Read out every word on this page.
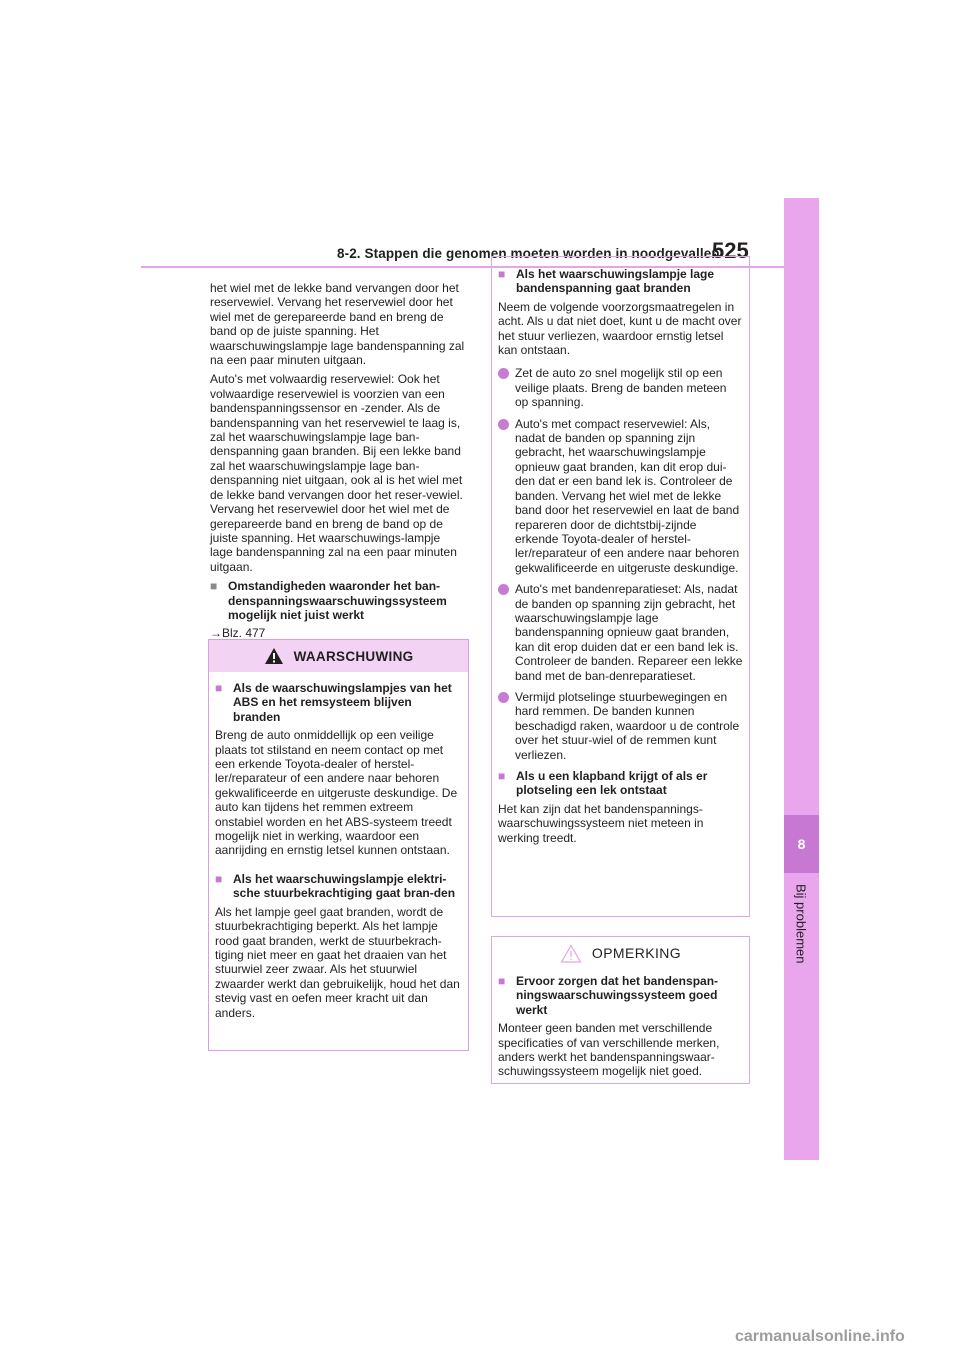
8-2. Stappen die genomen moeten worden in noodgevallen
525
8
Bij problemen

het wiel met de lekke band vervangen door het reservewiel. Vervang het reservewiel door het wiel met de gerepareerde band en breng de band op de juiste spanning. Het waarschuwingslampje lage bandenspanning zal na een paar minuten uitgaan.

Auto's met volwaardig reservewiel: Ook het volwaardige reservewiel is voorzien van een bandenspanningssensor en -zender. Als de bandenspanning van het reservewiel te laag is, zal het waarschuwingslampje lage ban-denspanning gaan branden. Bij een lekke band zal het waarschuwingslampje lage ban-denspanning niet uitgaan, ook al is het wiel met de lekke band vervangen door het reser-vewiel. Vervang het reservewiel door het wiel met de gerepareerde band en breng de band op de juiste spanning. Het waarschuwings-lampje lage bandenspanning zal na een paar minuten uitgaan.

■ Omstandigheden waaronder het ban-denspanningswaarschuwingssysteem mogelijk niet juist werkt

→Blz. 477

WAARSCHUWING
■ Als de waarschuwingslampjes van het ABS en het remsysteem blijven branden

Breng de auto onmiddellijk op een veilige plaats tot stilstand en neem contact op met een erkende Toyota-dealer of herstel-ler/reparateur of een andere naar behoren gekwalificeerde en uitgeruste deskundige. De auto kan tijdens het remmen extreem onstabiel worden en het ABS-systeem treedt mogelijk niet in werking, waardoor een aanrijding en ernstig letsel kunnen ontstaan.

■ Als het waarschuwingslampje elektri-sche stuurbekrachtiging gaat bran-den

Als het lampje geel gaat branden, wordt de stuurbekrachtiging beperkt. Als het lampje rood gaat branden, werkt de stuurbekrach-tiging niet meer en gaat het draaien van het stuurwiel zeer zwaar. Als het stuurwiel zwaarder werkt dan gebruikelijk, houd het dan stevig vast en oefen meer kracht uit dan anders.

■ Als het waarschuwingslampje lage bandenspanning gaat branden

Neem de volgende voorzorgsmaatregelen in acht. Als u dat niet doet, kunt u de macht over het stuur verliezen, waardoor ernstig letsel kan ontstaan.

Zet de auto zo snel mogelijk stil op een veilige plaats. Breng de banden meteen op spanning.
Auto's met compact reservewiel: Als, nadat de banden op spanning zijn gebracht, het waarschuwingslampje opnieuw gaat branden, kan dit erop dui-den dat er een band lek is. Controleer de banden. Vervang het wiel met de lekke band door het reservewiel en laat de band repareren door de dichtstbij-zijnde erkende Toyota-dealer of herstel-ler/reparateur of een andere naar behoren gekwalificeerde en uitgeruste deskundige.
Auto's met bandenreparatieset: Als, nadat de banden op spanning zijn gebracht, het waarschuwingslampje lage bandenspanning opnieuw gaat branden, kan dit erop duiden dat er een band lek is. Controleer de banden. Repareer een lekke band met de ban-denreparatieset.
Vermijd plotselinge stuurbewegingen en hard remmen. De banden kunnen beschadigd raken, waardoor u de controle over het stuur-wiel of de remmen kunt verliezen.
■ Als u een klapband krijgt of als er plotseling een lek ontstaat

Het kan zijn dat het bandenspannings-waarschuwingssysteem niet meteen in werking treedt.

OPMERKING
■ Ervoor zorgen dat het bandenspan-ningswaarschuwingssysteem goed werkt

Monteer geen banden met verschillende specificaties of van verschillende merken, anders werkt het bandenspanningswaar-schuwingssysteem mogelijk niet goed.

carmanualsonline.info
